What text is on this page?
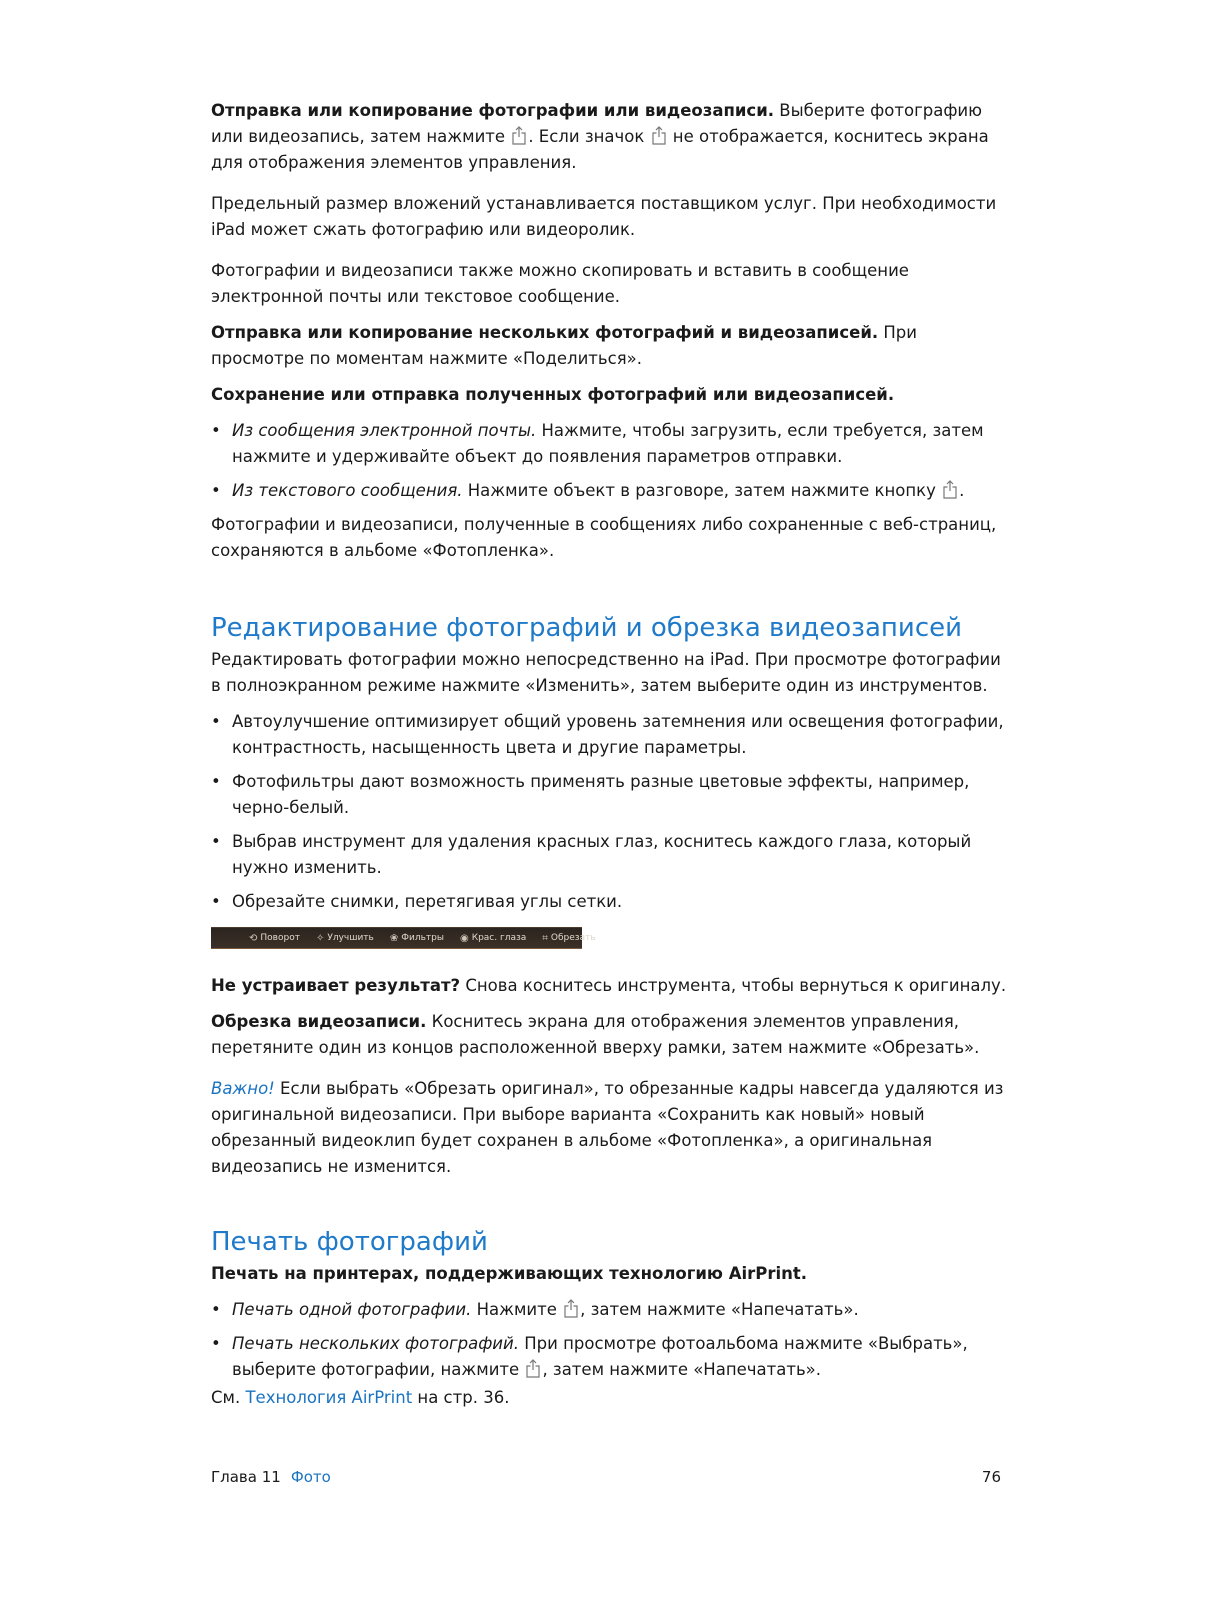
Отправка или копирование фотографии или видеозаписи. Выберите фотографию или видеозапись, затем нажмите . Если значок  не отображается, коснитесь экрана для отображения элементов управления.

Предельный размер вложений устанавливается поставщиком услуг. При необходимости iPad может сжать фотографию или видеоролик.

Фотографии и видеозаписи также можно скопировать и вставить в сообщение электронной почты или текстовое сообщение.

Отправка или копирование нескольких фотографий и видеозаписей. При просмотре по моментам нажмите «Поделиться».

Сохранение или отправка полученных фотографий или видеозаписей.

• Из сообщения электронной почты. Нажмите, чтобы загрузить, если требуется, затем нажмите и удерживайте объект до появления параметров отправки.
• Из текстового сообщения. Нажмите объект в разговоре, затем нажмите кнопку .

Фотографии и видеозаписи, полученные в сообщениях либо сохраненные с веб-страниц, сохраняются в альбоме «Фотопленка».

Редактирование фотографий и обрезка видеозаписей

Редактировать фотографии можно непосредственно на iPad. При просмотре фотографии в полноэкранном режиме нажмите «Изменить», затем выберите один из инструментов.

• Автоулучшение оптимизирует общий уровень затемнения или освещения фотографии, контрастность, насыщенность цвета и другие параметры.
• Фотофильтры дают возможность применять разные цветовые эффекты, например, черно-белый.
• Выбрав инструмент для удаления красных глаз, коснитесь каждого глаза, который нужно изменить.
• Обрезайте снимки, перетягивая углы сетки.
⟲ Поворот ✧ Улучшить ❀ Фильтры ◉ Крас. глаза ⌗ Обрезать

Не устраивает результат? Снова коснитесь инструмента, чтобы вернуться к оригиналу.

Обрезка видеозаписи. Коснитесь экрана для отображения элементов управления, перетяните один из концов расположенной вверху рамки, затем нажмите «Обрезать».

Важно! Если выбрать «Обрезать оригинал», то обрезанные кадры навсегда удаляются из оригинальной видеозаписи. При выборе варианта «Сохранить как новый» новый обрезанный видеоклип будет сохранен в альбоме «Фотопленка», а оригинальная видеозапись не изменится.

Печать фотографий

Печать на принтерах, поддерживающих технологию AirPrint.

• Печать одной фотографии. Нажмите , затем нажмите «Напечатать».
• Печать нескольких фотографий. При просмотре фотоальбома нажмите «Выбрать», выберите фотографии, нажмите , затем нажмите «Напечатать».

См. Технология AirPrint на стр. 36.

Глава 11 Фото	76
